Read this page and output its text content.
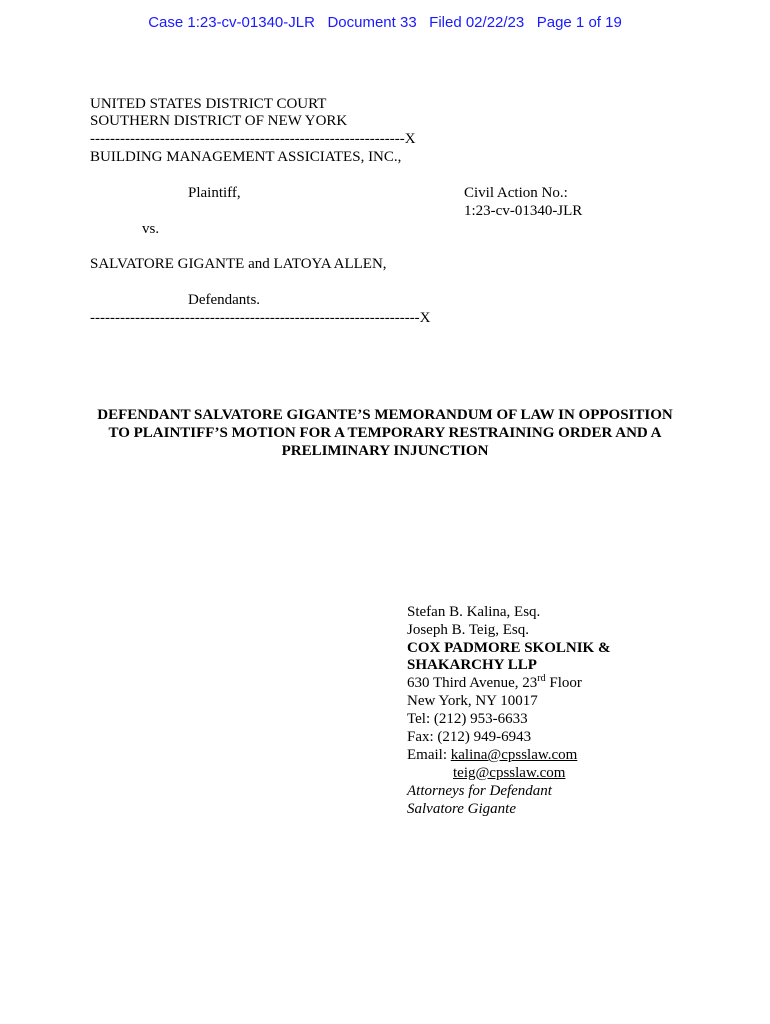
Case 1:23-cv-01340-JLR   Document 33   Filed 02/22/23   Page 1 of 19
UNITED STATES DISTRICT COURT
SOUTHERN DISTRICT OF NEW YORK
---------------------------------------------------------------X
BUILDING MANAGEMENT ASSICIATES, INC.,
Plaintiff,	Civil Action No.:
1:23-cv-01340-JLR
vs.
SALVATORE GIGANTE and LATOYA ALLEN,
Defendants.
------------------------------------------------------------------X
DEFENDANT SALVATORE GIGANTE’S MEMORANDUM OF LAW IN OPPOSITION
TO PLAINTIFF’S MOTION FOR A TEMPORARY RESTRAINING ORDER AND A
PRELIMINARY INJUNCTION
Stefan B. Kalina, Esq.
Joseph B. Teig, Esq.
COX PADMORE SKOLNIK &
SHAKARCHY LLP
630 Third Avenue, 23rd Floor
New York, NY 10017
Tel: (212) 953-6633
Fax: (212) 949-6943
Email: kalina@cpsslaw.com
teig@cpsslaw.com
Attorneys for Defendant
Salvatore Gigante
